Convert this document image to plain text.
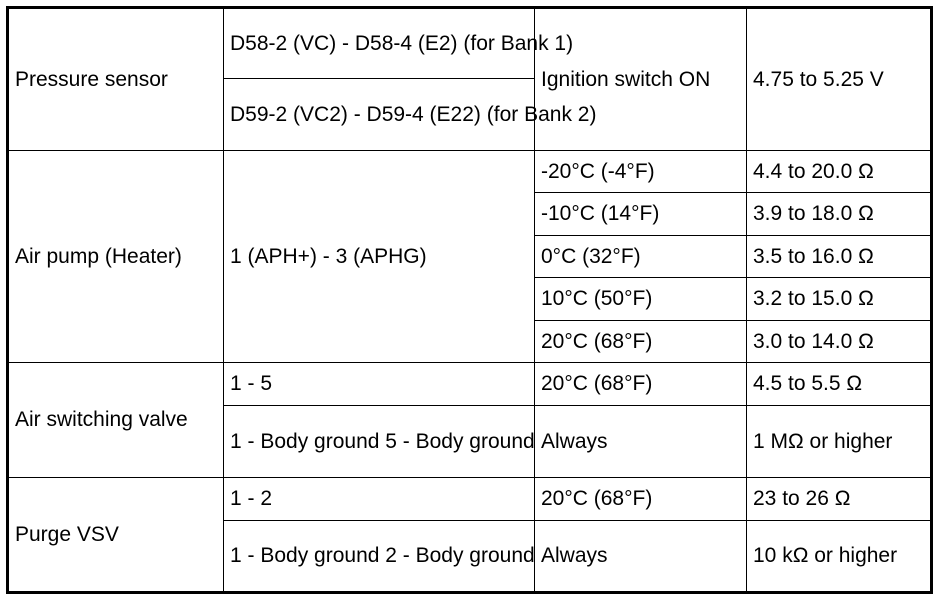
Pressure sensor	D58-2 (VC) - D58-4 (E2) (for Bank 1)	Ignition switch ON	4.75 to 5.25 V
	D59-2 (VC2) - D59-4 (E22) (for Bank 2)		
Air pump (Heater)	1 (APH+) - 3 (APHG)	-20°C (-4°F)	4.4 to 20.0 Ω
		-10°C (14°F)	3.9 to 18.0 Ω
		0°C (32°F)	3.5 to 16.0 Ω
		10°C (50°F)	3.2 to 15.0 Ω
		20°C (68°F)	3.0 to 14.0 Ω
Air switching valve	1 - 5	20°C (68°F)	4.5 to 5.5 Ω
	1 - Body ground 5 - Body ground	Always	1 MΩ or higher
Purge VSV	1 - 2	20°C (68°F)	23 to 26 Ω
	1 - Body ground 2 - Body ground	Always	10 kΩ or higher
